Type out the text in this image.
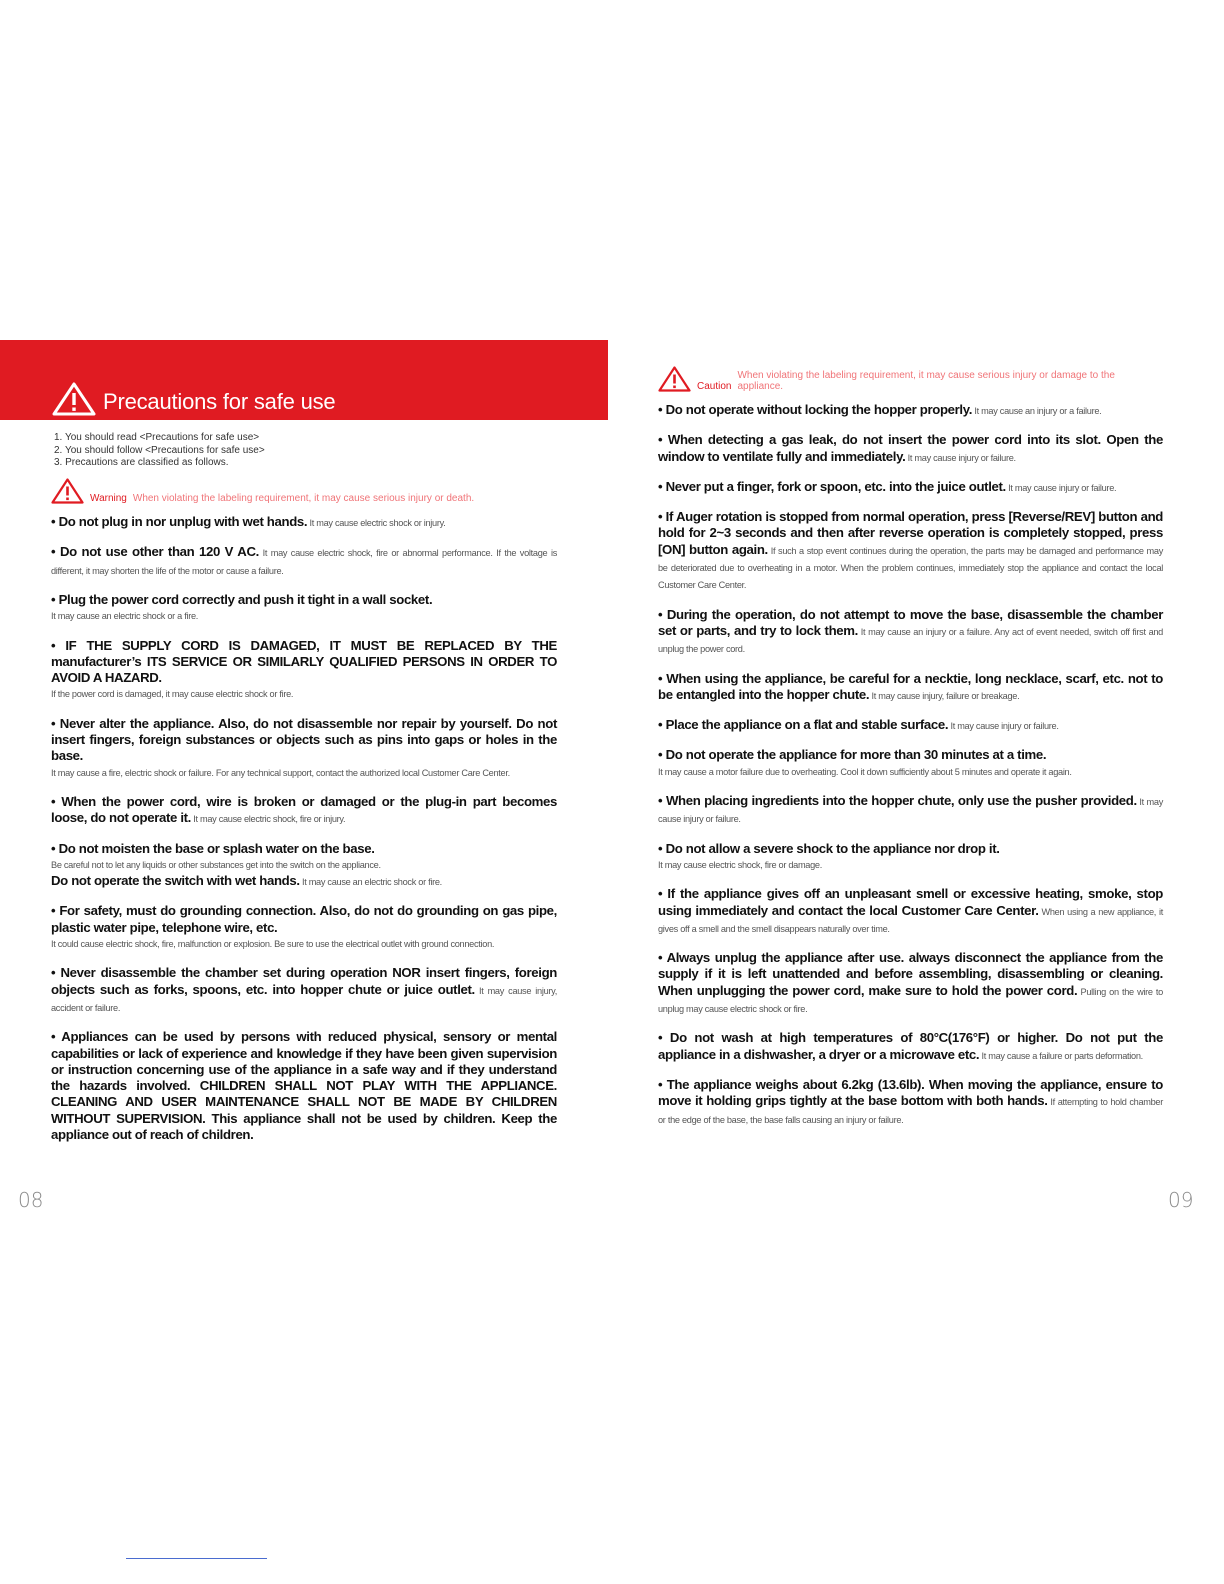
Precautions for safe use
1. You should read <Precautions for safe use>
2. You should follow <Precautions for safe use>
3. Precautions are classified as follows.
Warning When violating the labeling requirement, it may cause serious injury or death.

• Do not plug in nor unplug with wet hands. It may cause electric shock or injury.

• Do not use other than 120 V AC. It may cause electric shock, fire or abnormal performance. If the voltage is different, it may shorten the life of the motor or cause a failure.

• Plug the power cord correctly and push it tight in a wall socket.
It may cause an electric shock or a fire.

• IF THE SUPPLY CORD IS DAMAGED, IT MUST BE REPLACED BY THE manufacturer’s ITS SERVICE OR SIMILARLY QUALIFIED PERSONS IN ORDER TO AVOID A HAZARD.
If the power cord is damaged, it may cause electric shock or fire.

• Never alter the appliance. Also, do not disassemble nor repair by yourself. Do not insert fingers, foreign substances or objects such as pins into gaps or holes in the base.
It may cause a fire, electric shock or failure. For any technical support, contact the authorized local Customer Care Center.

• When the power cord, wire is broken or damaged or the plug-in part becomes loose, do not operate it. It may cause electric shock, fire or injury.

• Do not moisten the base or splash water on the base.
Be careful not to let any liquids or other substances get into the switch on the appliance.
Do not operate the switch with wet hands. It may cause an electric shock or fire.

• For safety, must do grounding connection. Also, do not do grounding on gas pipe, plastic water pipe, telephone wire, etc.
It could cause electric shock, fire, malfunction or explosion. Be sure to use the electrical outlet with ground connection.

• Never disassemble the chamber set during operation NOR insert fingers, foreign objects such as forks, spoons, etc. into hopper chute or juice outlet. It may cause injury, accident or failure.

• Appliances can be used by persons with reduced physical, sensory or mental capabilities or lack of experience and knowledge if they have been given supervision or instruction concerning use of the appliance in a safe way and if they understand the hazards involved. CHILDREN SHALL NOT PLAY WITH THE APPLIANCE. CLEANING AND USER MAINTENANCE SHALL NOT BE MADE BY CHILDREN WITHOUT SUPERVISION. This appliance shall not be used by children. Keep the appliance out of reach of children.

Caution
When violating the labeling requirement, it may cause serious injury or damage to the appliance.

• Do not operate without locking the hopper properly. It may cause an injury or a failure.

• When detecting a gas leak, do not insert the power cord into its slot. Open the window to ventilate fully and immediately. It may cause injury or failure.

• Never put a finger, fork or spoon, etc. into the juice outlet. It may cause injury or failure.

• If Auger rotation is stopped from normal operation, press [Reverse/REV] button and hold for 2~3 seconds and then after reverse operation is completely stopped, press [ON] button again. If such a stop event continues during the operation, the parts may be damaged and performance may be deteriorated due to overheating in a motor. When the problem continues, immediately stop the appliance and contact the local Customer Care Center.

• During the operation, do not attempt to move the base, disassemble the chamber set or parts, and try to lock them. It may cause an injury or a failure. Any act of event needed, switch off first and unplug the power cord.

• When using the appliance, be careful for a necktie, long necklace, scarf, etc. not to be entangled into the hopper chute. It may cause injury, failure or breakage.

• Place the appliance on a flat and stable surface. It may cause injury or failure.

• Do not operate the appliance for more than 30 minutes at a time.
It may cause a motor failure due to overheating. Cool it down sufficiently about 5 minutes and operate it again.

• When placing ingredients into the hopper chute, only use the pusher provided. It may cause injury or failure.

• Do not allow a severe shock to the appliance nor drop it.
It may cause electric shock, fire or damage.

• If the appliance gives off an unpleasant smell or excessive heating, smoke, stop using immediately and contact the local Customer Care Center. When using a new appliance, it gives off a smell and the smell disappears naturally over time.

• Always unplug the appliance after use. always disconnect the appliance from the supply if it is left unattended and before assembling, disassembling or cleaning. When unplugging the power cord, make sure to hold the power cord. Pulling on the wire to unplug may cause electric shock or fire.

• Do not wash at high temperatures of 80°C(176°F) or higher. Do not put the appliance in a dishwasher, a dryer or a microwave etc. It may cause a failure or parts deformation.

• The appliance weighs about 6.2kg (13.6lb). When moving the appliance, ensure to move it holding grips tightly at the base bottom with both hands. If attempting to hold chamber or the edge of the base, the base falls causing an injury or failure.

08	09
